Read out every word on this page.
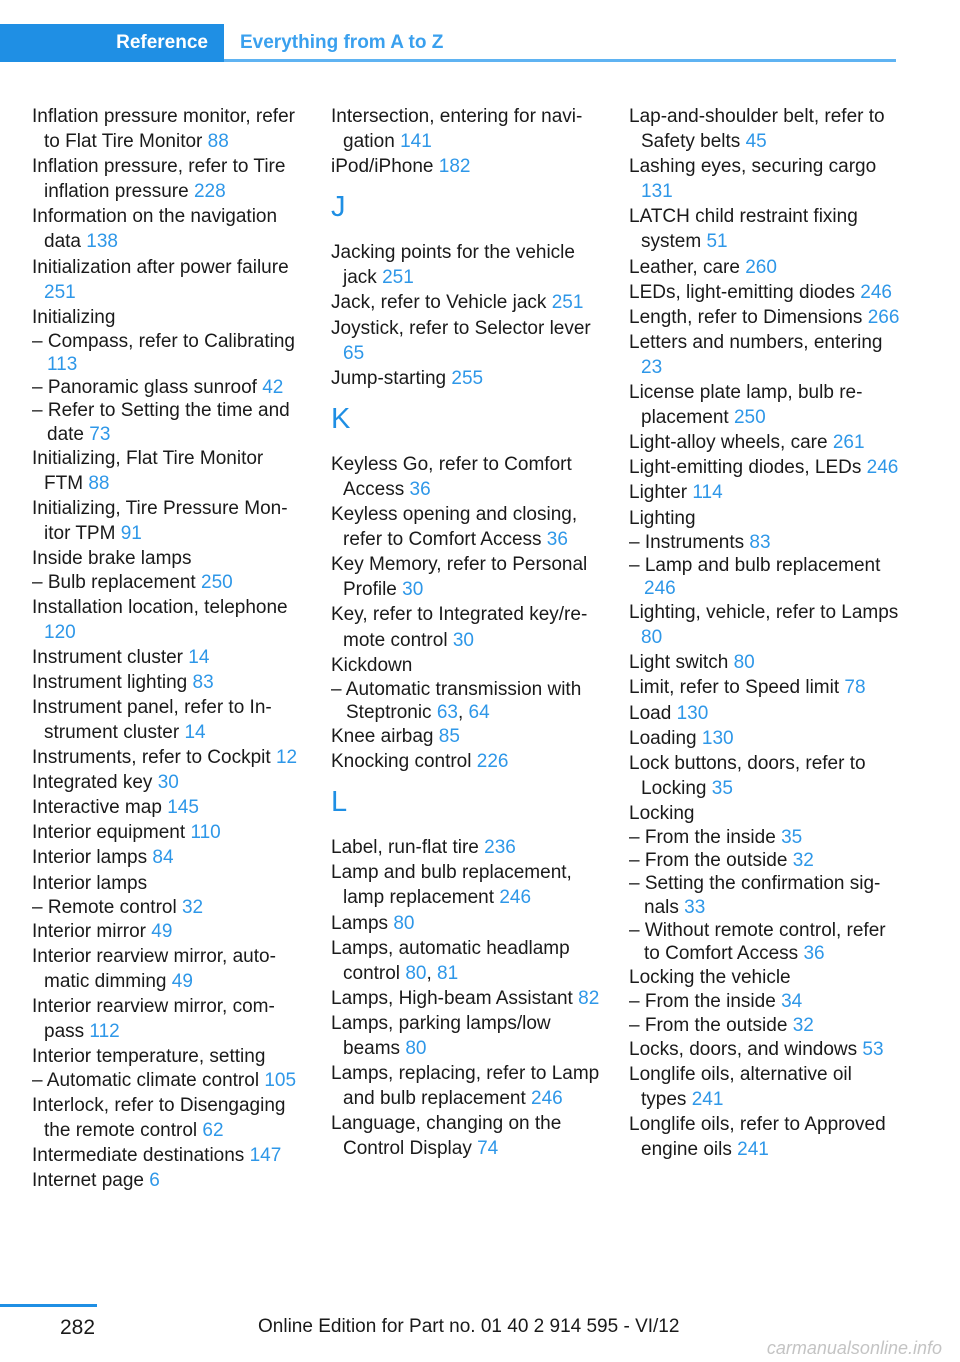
Reference	Everything from A to Z
Inflation pressure monitor, refer to Flat Tire Monitor 88
Inflation pressure, refer to Tire inflation pressure 228
Information on the navigation data 138
Initialization after power failure 251
Initializing
– Compass, refer to Calibrating 113
– Panoramic glass sunroof 42
– Refer to Setting the time and date 73
Initializing, Flat Tire Monitor FTM 88
Initializing, Tire Pressure Monitor TPM 91
Inside brake lamps
– Bulb replacement 250
Installation location, telephone 120
Instrument cluster 14
Instrument lighting 83
Instrument panel, refer to Instrument cluster 14
Instruments, refer to Cockpit 12
Integrated key 30
Interactive map 145
Interior equipment 110
Interior lamps 84
Interior lamps
– Remote control 32
Interior mirror 49
Interior rearview mirror, automatic dimming 49
Interior rearview mirror, compass 112
Interior temperature, setting
– Automatic climate control 105
Interlock, refer to Disengaging the remote control 62
Intermediate destinations 147
Internet page 6
Intersection, entering for navigation 141
iPod/iPhone 182
J
Jacking points for the vehicle jack 251
Jack, refer to Vehicle jack 251
Joystick, refer to Selector lever 65
Jump-starting 255
K
Keyless Go, refer to Comfort Access 36
Keyless opening and closing, refer to Comfort Access 36
Key Memory, refer to Personal Profile 30
Key, refer to Integrated key/remote control 30
Kickdown
– Automatic transmission with Steptronic 63, 64
Knee airbag 85
Knocking control 226
L
Label, run-flat tire 236
Lamp and bulb replacement, lamp replacement 246
Lamps 80
Lamps, automatic headlamp control 80, 81
Lamps, High-beam Assistant 82
Lamps, parking lamps/low beams 80
Lamps, replacing, refer to Lamp and bulb replacement 246
Language, changing on the Control Display 74
Lap-and-shoulder belt, refer to Safety belts 45
Lashing eyes, securing cargo 131
LATCH child restraint fixing system 51
Leather, care 260
LEDs, light-emitting diodes 246
Length, refer to Dimensions 266
Letters and numbers, entering 23
License plate lamp, bulb replacement 250
Light-alloy wheels, care 261
Light-emitting diodes, LEDs 246
Lighter 114
Lighting
– Instruments 83
– Lamp and bulb replacement 246
Lighting, vehicle, refer to Lamps 80
Light switch 80
Limit, refer to Speed limit 78
Load 130
Loading 130
Lock buttons, doors, refer to Locking 35
Locking
– From the inside 35
– From the outside 32
– Setting the confirmation signals 33
– Without remote control, refer to Comfort Access 36
Locking the vehicle
– From the inside 34
– From the outside 32
Locks, doors, and windows 53
Longlife oils, alternative oil types 241
Longlife oils, refer to Approved engine oils 241
282	Online Edition for Part no. 01 40 2 914 595 - VI/12
carmanualsonline.info
